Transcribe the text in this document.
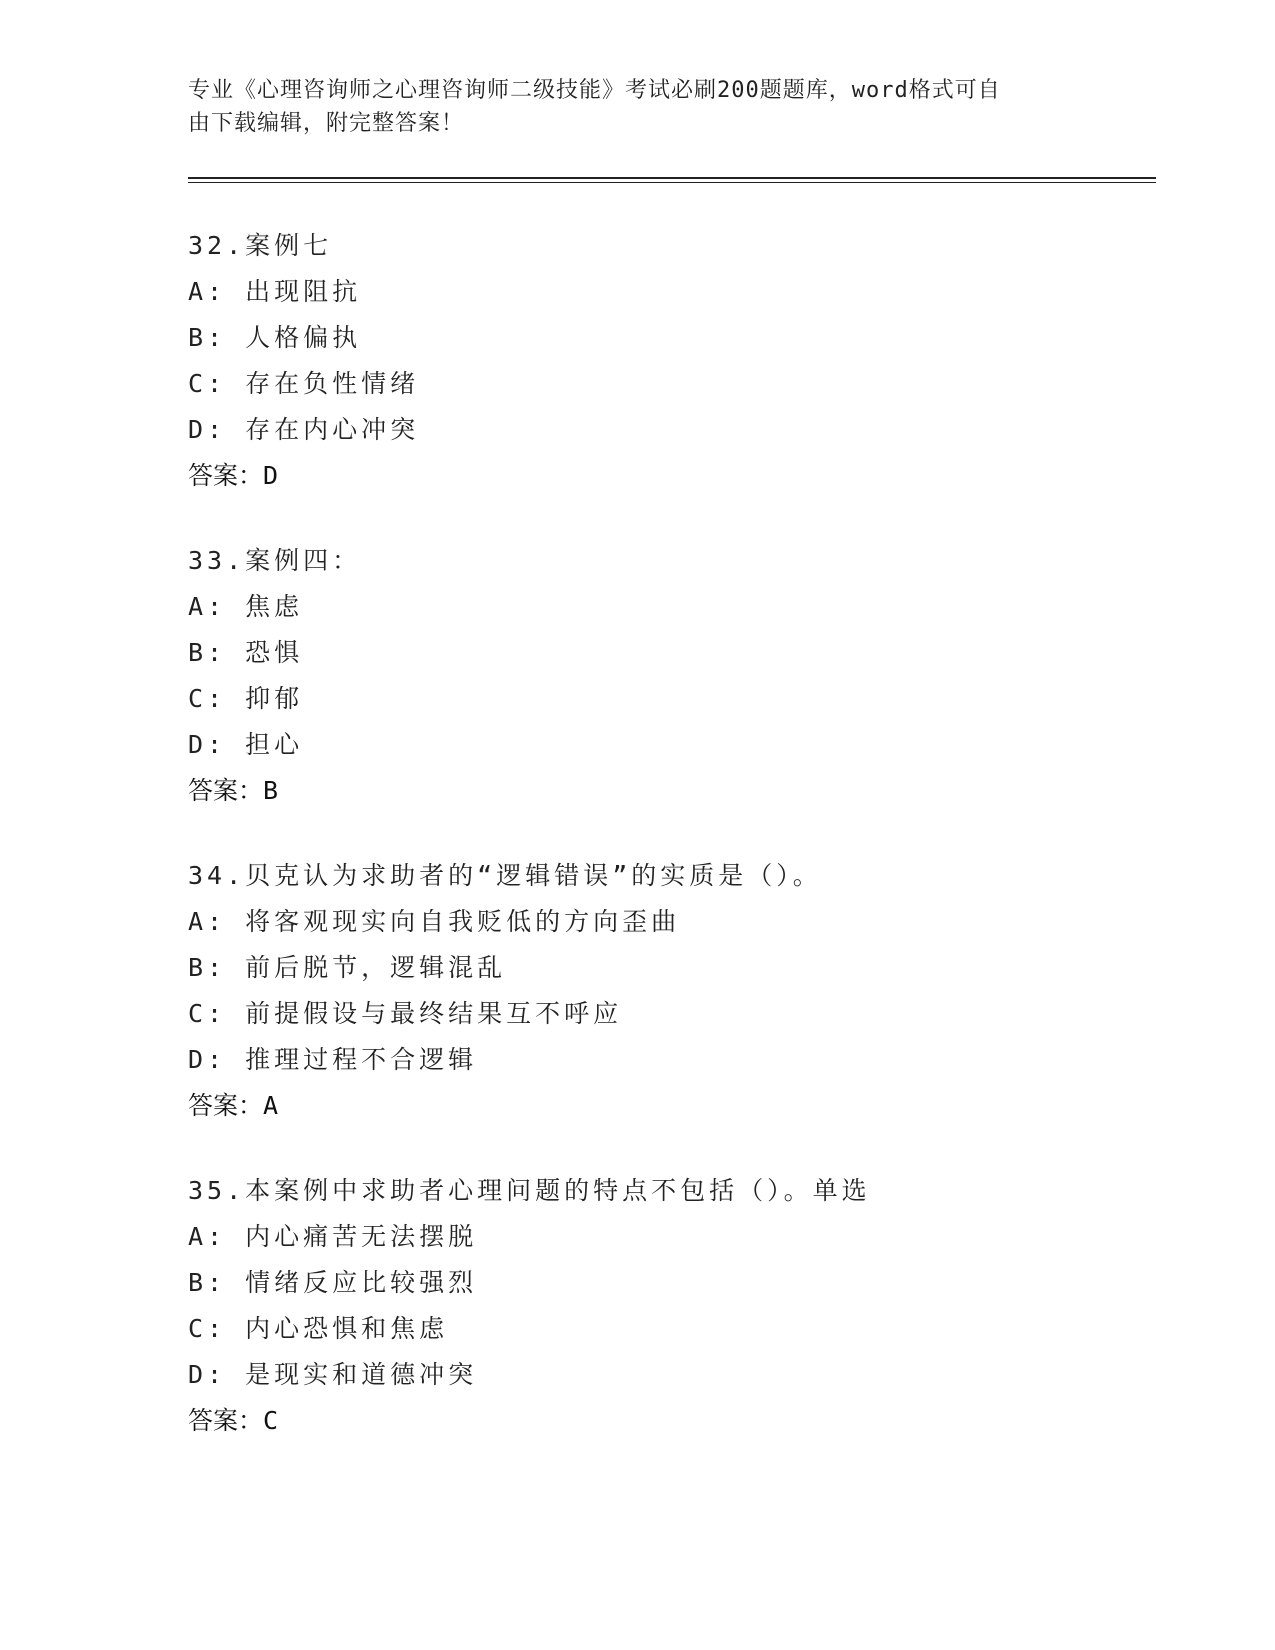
专业《心理咨询师之心理咨询师二级技能》考试必刷200题题库，word格式可自
由下载编辑，附完整答案！
32.案例七
A: 出现阻抗
B: 人格偏执
C: 存在负性情绪
D: 存在内心冲突
答案：D
33.案例四：
A: 焦虑
B: 恐惧
C: 抑郁
D: 担心
答案：B
34.贝克认为求助者的“逻辑错误”的实质是（）。
A: 将客观现实向自我贬低的方向歪曲
B: 前后脱节，逻辑混乱
C: 前提假设与最终结果互不呼应
D: 推理过程不合逻辑
答案：A
35.本案例中求助者心理问题的特点不包括（）。单选
A: 内心痛苦无法摆脱
B: 情绪反应比较强烈
C: 内心恐惧和焦虑
D: 是现实和道德冲突
答案：C
